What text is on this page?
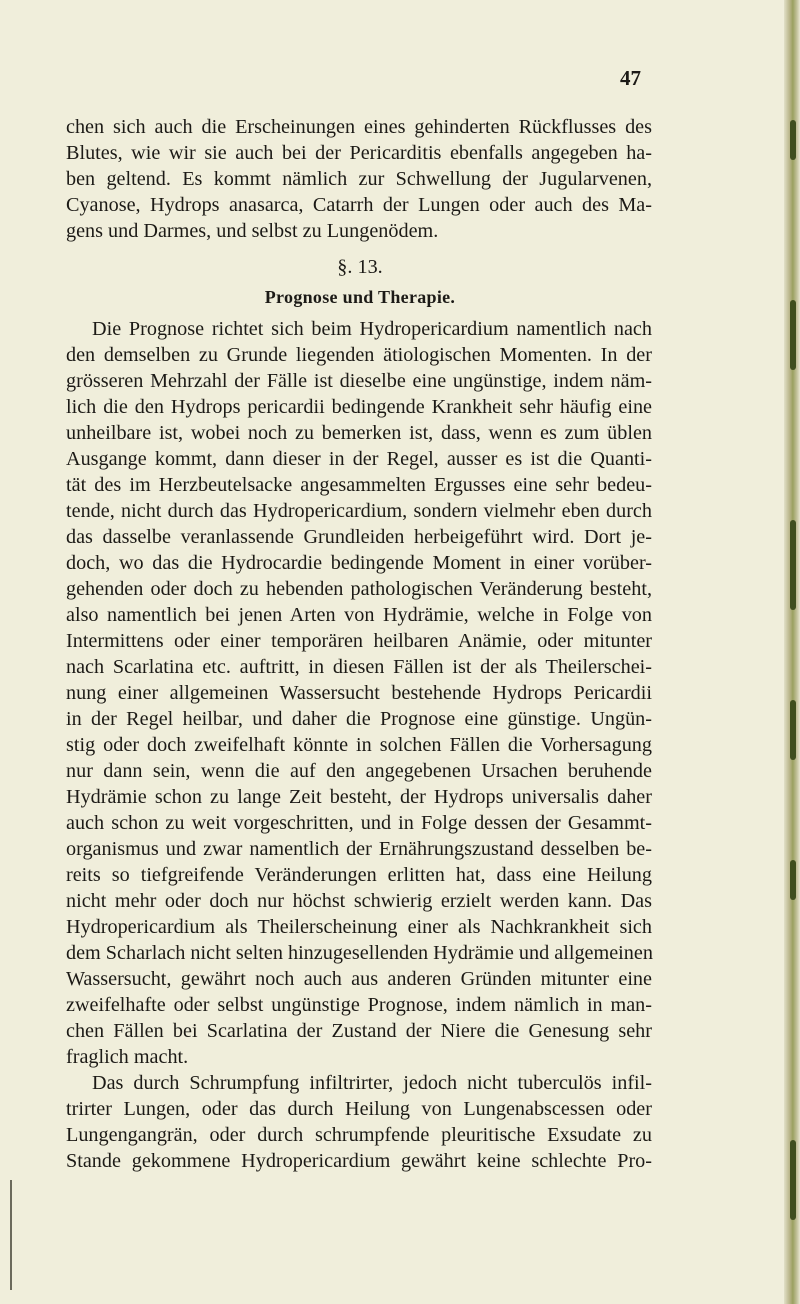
47

chen sich auch die Erscheinungen eines gehinderten Rückflusses des

Blutes, wie wir sie auch bei der Pericarditis ebenfalls angegeben ha-

ben geltend. Es kommt nämlich zur Schwellung der Jugularvenen,

Cyanose, Hydrops anasarca, Catarrh der Lungen oder auch des Ma-

gens und Darmes, und selbst zu Lungenödem.

§. 13.
Prognose und Therapie.

Die Prognose richtet sich beim Hydropericardium namentlich nach

den demselben zu Grunde liegenden ätiologischen Momenten. In der

grösseren Mehrzahl der Fälle ist dieselbe eine ungünstige, indem näm-

lich die den Hydrops pericardii bedingende Krankheit sehr häufig eine

unheilbare ist, wobei noch zu bemerken ist, dass, wenn es zum üblen

Ausgange kommt, dann dieser in der Regel, ausser es ist die Quanti-

tät des im Herzbeutelsacke angesammelten Ergusses eine sehr bedeu-

tende, nicht durch das Hydropericardium, sondern vielmehr eben durch

das dasselbe veranlassende Grundleiden herbeigeführt wird. Dort je-

doch, wo das die Hydrocardie bedingende Moment in einer vorüber-

gehenden oder doch zu hebenden pathologischen Veränderung besteht,

also namentlich bei jenen Arten von Hydrämie, welche in Folge von

Intermittens oder einer temporären heilbaren Anämie, oder mitunter

nach Scarlatina etc. auftritt, in diesen Fällen ist der als Theilerschei-

nung einer allgemeinen Wassersucht bestehende Hydrops Pericardii

in der Regel heilbar, und daher die Prognose eine günstige. Ungün-

stig oder doch zweifelhaft könnte in solchen Fällen die Vorhersagung

nur dann sein, wenn die auf den angegebenen Ursachen beruhende

Hydrämie schon zu lange Zeit besteht, der Hydrops universalis daher

auch schon zu weit vorgeschritten, und in Folge dessen der Gesammt-

organismus und zwar namentlich der Ernährungszustand desselben be-

reits so tiefgreifende Veränderungen erlitten hat, dass eine Heilung

nicht mehr oder doch nur höchst schwierig erzielt werden kann. Das

Hydropericardium als Theilerscheinung einer als Nachkrankheit sich

dem Scharlach nicht selten hinzugesellenden Hydrämie und allgemeinen

Wassersucht, gewährt noch auch aus anderen Gründen mitunter eine

zweifelhafte oder selbst ungünstige Prognose, indem nämlich in man-

chen Fällen bei Scarlatina der Zustand der Niere die Genesung sehr

fraglich macht.

Das durch Schrumpfung infiltrirter, jedoch nicht tuberculös infil-

trirter Lungen, oder das durch Heilung von Lungenabscessen oder

Lungengangrän, oder durch schrumpfende pleuritische Exsudate zu

Stande gekommene Hydropericardium gewährt keine schlechte Pro-
